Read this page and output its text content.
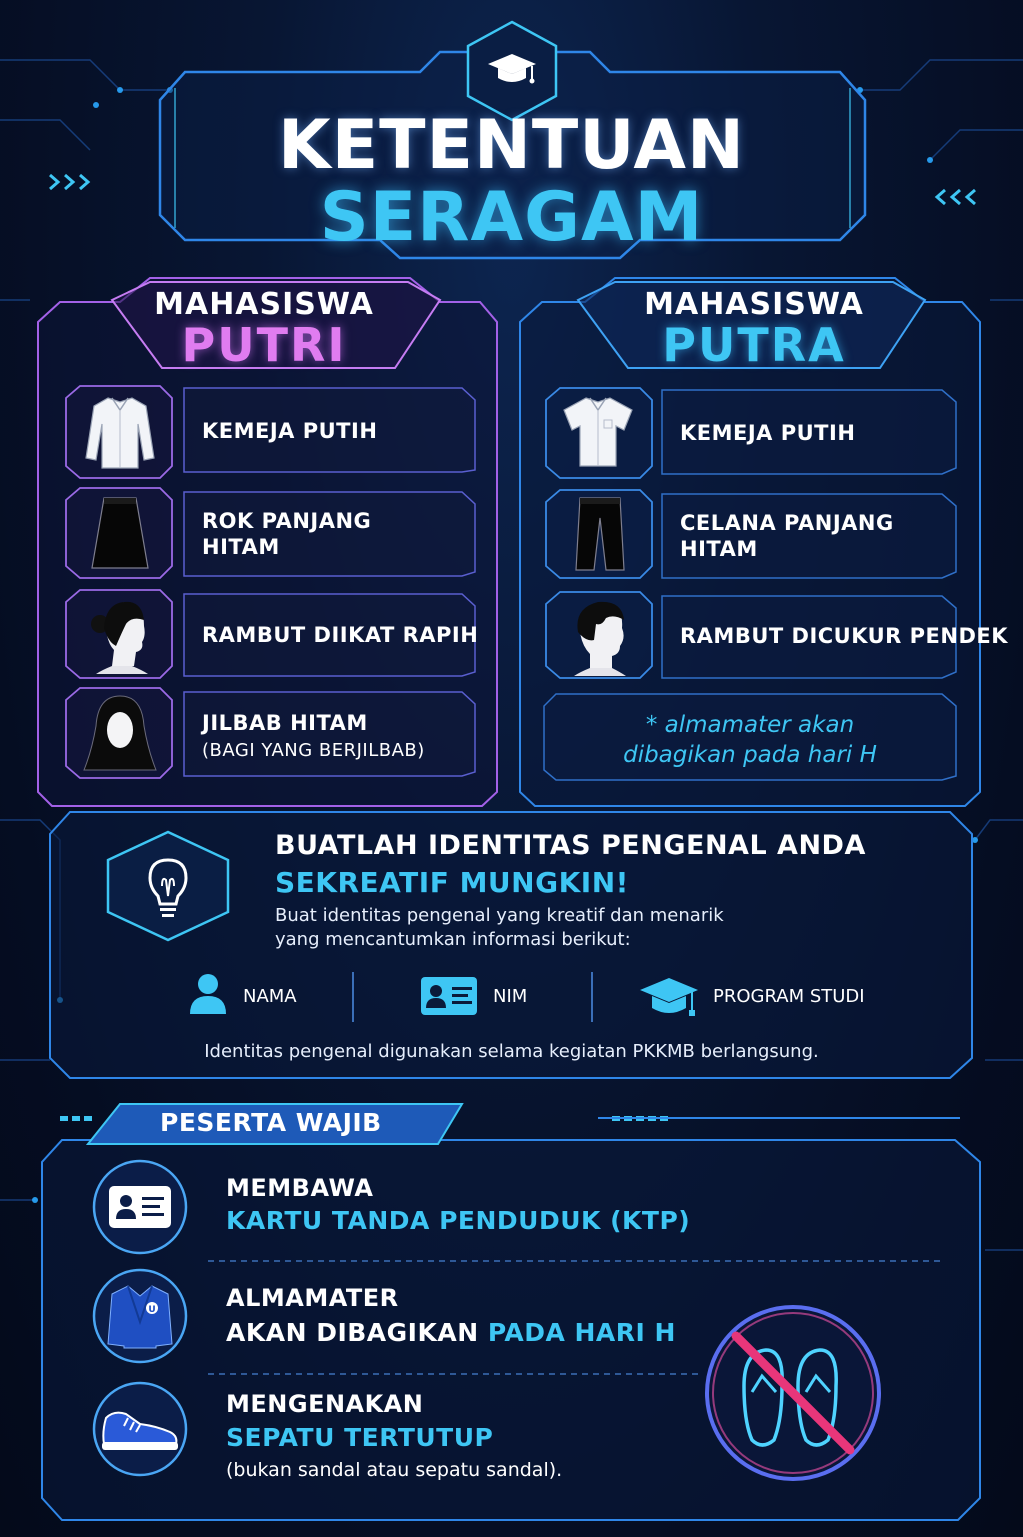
KETENTUAN
SERAGAM
MAHASISWA
PUTRI
KEMEJA PUTIH
ROK PANJANG
HITAM
RAMBUT DIIKAT RAPIH
JILBAB HITAM
(BAGI YANG BERJILBAB)
MAHASISWA
PUTRA
KEMEJA PUTIH
CELANA PANJANG
HITAM
RAMBUT DICUKUR PENDEK
* almamater akan
dibagikan pada hari H
BUATLAH IDENTITAS PENGENAL ANDA
SEKREATIF MUNGKIN!
Buat identitas pengenal yang kreatif dan menarik
yang mencantumkan informasi berikut:
NAMA	NIM	PROGRAM STUDI
Identitas pengenal digunakan selama kegiatan PKKMB berlangsung.
PESERTA WAJIB
U
MEMBAWA
KARTU TANDA PENDUDUK (KTP)
ALMAMATER
AKAN DIBAGIKAN PADA HARI H
MENGENAKAN
SEPATU TERTUTUP
(bukan sandal atau sepatu sandal).
